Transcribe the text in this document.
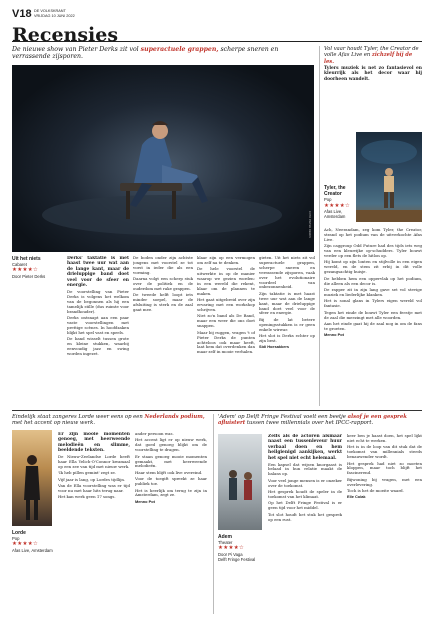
V18 DE VOLKSKRANT
VRIJDAG 10 JUNI 2022
Recensies
De nieuwe show van Pieter Derks zit vol superactuele grappen, scherpe sneren en verrassende zijsporen.
FOTO PIETER DERKS
Uit het niets
Cabaret
★★★★☆
Door Pieter Derks

Derks' taktatie is met haast twee uur wat aan de lange kant, maar de drieluppige band doet veel voor de sfeer en energie.

De voorstelling van Pieter Derks is volgens het welkom van de begonnen als hij een tamelijk stille (dus ruimte voor brandhouder).

Derks ontsnapt aan een paar vaste voorstellingen met prettige scènes. In hoofdzaken blijkt het spel vast en speels.

De band wisselt tussen grote en kleine stukken, waarbij eenvoudig jazz en swing worden ingezet.

De boden onder zijn achtste jongens met voorstel ze tot vorst in ieder die als een vorming.

Daarna volgt een scherp stuk over de politiek en de ouderdom met rake grappen.

De tweede helft loopt iets minder soepel, maar de afsluiting is sterk en de zaal gaat mee.

klaar zijn op een vermogen om zelf na te denken.

De hele voorstel de uitwerkte in op de manier waarop we gezien worden: in een wereld die rekent, klaar om de plannen te maken.

Het gaat uitgebreid over zijn ervaring met een workshop schrijven.

Niet zo'n band als De Band, maar een weer die ons doet snappen.

Maar bij ruggen, vragen 't of Pieter Derks de punten achteloos ook maar heeft, laat hem dat overdenken dan maar zelf in mooie verhalen.

gieten. Uit het niets zit vol superactuele grappen, scherpe sneren en verrassende zijsporen, vaak over het evolutionaire voordeel van onbezonnenheid.

Zijn taktatie is met haast twee uur wat aan de lange kant, maar de drieluppige band doet veel voor de sfeer en energie.

Bij de lat betere openingsstukken is er geen enkele wirwar.

Het slot is Derks echter op zijn best.

Sidi Hoesakkers

Vol vaar houdt Tyler, the Creator de volle Afas Live en zichzelf bij de les.

Tylers muziek is net zo fantasievol en kleurrijk als het decor waar hij doorheen wandelt.

Tyler, the Creator
Pop
★★★★☆
Afas Live, Amsterdam

Ach, Neerandam, zeg kom Tyler, the Creator, strand op het podium van de uitverkochte Afas Live.

Zijn caggroup Odd Future had des tijds iets weg van een kleurrijke op-schudders. Tyler bouwt verder op een flets de hitlon op.

Hij komt op zijn lonten en stijlvolle in een eigen wereld, en de stem zit erbij in dit volle gezangsachtig huisje.

De hebben hem een oppervlak op het podium, die alleen als een decor is.

De rapper zit in zijn lang gave set vol stevige muziek en liederlijke klanken.

Het is sonal glans in Tylers eigen wereld vol fantasie.

Tegen het einde de bouwt Tyler een feestje met de zaal die meezingt met alle woorden.

Aan het einde gaat hij de zaal nog in om de fans te groeten.

Menno Pot

Eindelijk staat zangeres Lorde weer eens op een Nederlands podium, met het accent op nieuw werk.
Lorde
Pop
★★★★☆
Afas Live, Amsterdam

Er zijn mooie momenten genoeg, met heerweende melodieën en slimme, beeldende teksten.

De Nieuw-Zeelandse Lorde heeft haar Ella Yelich-O'Connor kwamaal op een zee van tijd met nieuw werk.

'Ik heb pillen gemixt' zegt ze.

Vijf jaar is lang, op Lordes tijdlijn.

Van de Ella voorstelling was er tijd voor nu met haar hits terug naar.

Het kan werk geen 17 songs.

ander persoon was.

Het accent ligt er op nieuw werk, dat goed genoeg blijkt om de voorstelling te dragen.

Er staan genoeg mooie momenten gemaakt, met heerweende melodieën.

Haar stem blijft ook live overeind.

Voor de toegift spreekt ze haar publiek toe.

Het is heerlijk om terug te zijn in Amsterdam, zegt ze.

Menno Pot

'Adem' op Delft Fringe Festival voelt een beetje alsof je een gesprek afluistert tussen twee millennials over het IPCC-rapport.
Adem
Theater
★★★★☆
Door Pi Vaga
Delft Fringe Festival

Zelfs als de actoren alsmaar naast een tussenleveur huur verbaal doen en hem heilgienigd aankijken, werkt het spel niet echt helemaal.

Een kapsel dat wijsen knorgaast is belaad in hun relatie maakt de balans op.

Voor veel jonge mensen is er onzeker over de toekomst.

Het gesprek houdt de speler in de toekomst van het klimaat.

Op het Delft Fringe Festival is er geen tijd voor het middel.

Tot slot houdt het stuk het gesprek op een rust.

keer ben je haast doen, het spel lijkt niet echt te werken.

Het is in de loop van dit stuk dat de toekomst van millennials steeds benauwender wordt.

Het gesprek had niet zo moeten kloppen, maar toch blijft het fascinerend.

Bijwoning bij vragen, met een overlevering.

Toch is het de moeite waard.

Elle Colak
